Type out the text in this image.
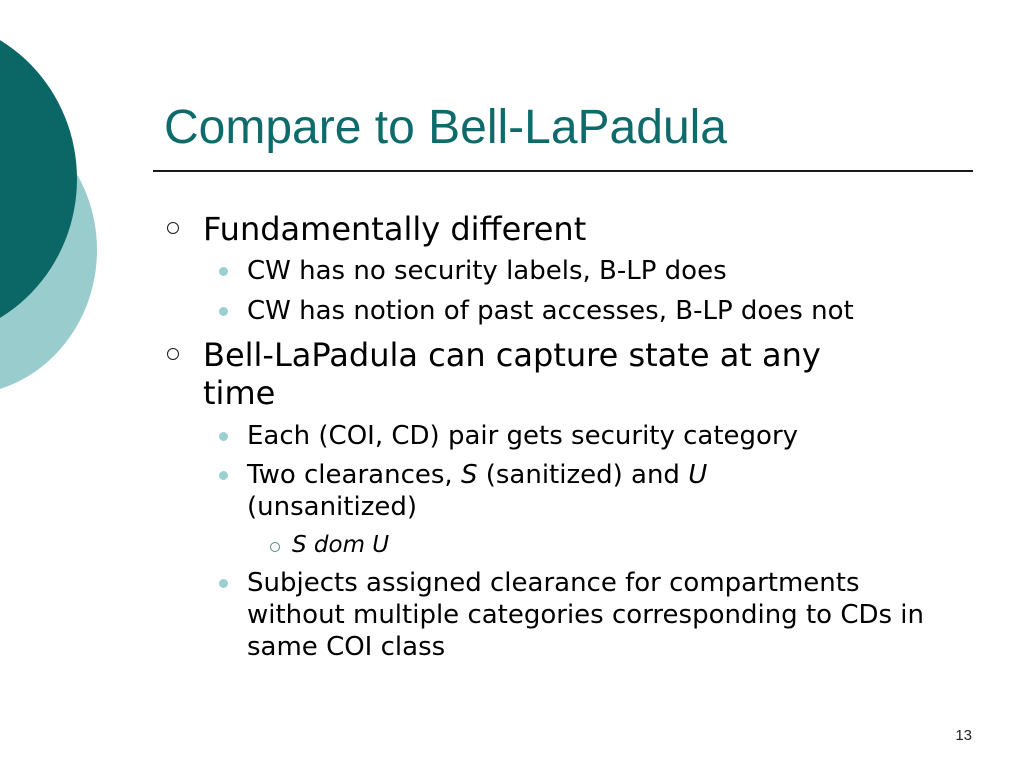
Compare to Bell-LaPadula
Fundamentally different
CW has no security labels, B-LP does
CW has notion of past accesses, B-LP does not
Bell-LaPadula can capture state at any time
Each (COI, CD) pair gets security category
Two clearances, S (sanitized) and U (unsanitized)
S dom U
Subjects assigned clearance for compartments without multiple categories corresponding to CDs in same COI class
13
